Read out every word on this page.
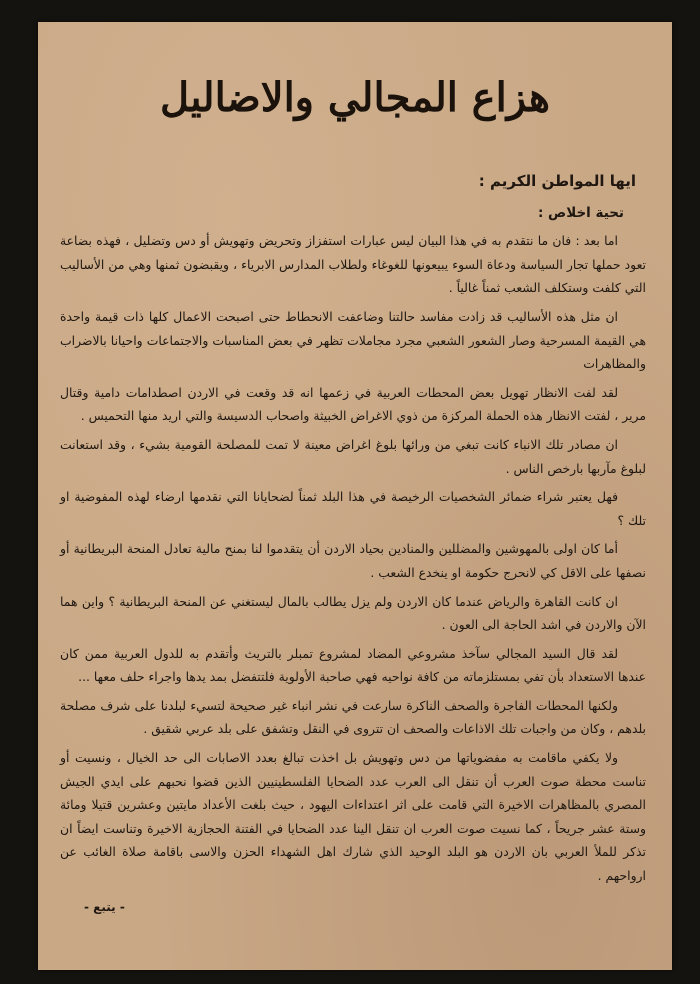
هزاع المجالي والاضاليل
ايها المواطن الكريم :
تحية اخلاص :

اما بعد : فان ما نتقدم به في هذا البيان ليس عبارات استفزاز وتحريض وتهويش أو دس وتضليل ، فهذه بضاعة تعود حملها تجار السياسة ودعاة السوء يبيعونها للغوغاء ولطلاب المدارس الابرياء ، ويقبضون ثمنها وهي من الأساليب التي كلفت وستكلف الشعب ثمناً غالياً .

ان مثل هذه الأساليب قد زادت مفاسد حالتنا وضاعفت الانحطاط حتى اصبحت الاعمال كلها ذات قيمة واحدة هي القيمة المسرحية وصار الشعور الشعبي مجرد مجاملات تظهر في بعض المناسبات والاجتماعات واحيانا بالاضراب والمظاهرات

لقد لفت الانظار تهويل بعض المحطات العربية في زعمها انه قد وقعت في الاردن اصطدامات دامية وقتال مرير ، لفتت الانظار هذه الحملة المركزة من ذوي الاغراض الخبيثة واصحاب الدسيسة والتي اريد منها التحميس .

ان مصادر تلك الانباء كانت تبغي من ورائها بلوغ اغراض معينة لا تمت للمصلحة القومية بشيء ، وقد استعانت لبلوغ مآربها بارخص الناس .

فهل يعتبر شراء ضمائر الشخصيات الرخيصة في هذا البلد ثمناً لضحايانا التي نقدمها ارضاء لهذه المفوضية او تلك ؟

أما كان اولى بالمهوشين والمضللين والمنادين بحياد الاردن أن يتقدموا لنا بمنح مالية تعادل المنحة البريطانية أو نصفها على الاقل كي لانحرج حكومة او ينخدع الشعب .

ان كانت القاهرة والرياض عندما كان الاردن ولم يزل يطالب بالمال ليستغني عن المنحة البريطانية ؟ واين هما الآن والاردن في اشد الحاجة الى العون .

لقد قال السيد المجالي سآخذ مشروعي المضاد لمشروع تمبلر بالتريث وأتقدم به للدول العربية ممن كان عندها الاستعداد بأن تفي بمستلزماته من كافة نواحيه فهي صاحبة الأولوية فلتتفضل بمد يدها واجراء حلف معها ...

ولكنها المحطات الفاجرة والصحف الناكرة سارعت في نشر انباء غير صحيحة لتسيء لبلدنا على شرف مصلحة بلدهم ، وكان من واجبات تلك الاذاعات والصحف ان تتروى في النقل وتشفق على بلد عربي شقيق .

ولا يكفي ماقامت به مفضوياتها من دس وتهويش بل اخذت تبالغ بعدد الاصابات الى حد الخيال ، ونسيت أو تناست محطة صوت العرب أن تنقل الى العرب عدد الضحايا الفلسطينيين الذين قضوا نحبهم على ايدي الجيش المصري بالمظاهرات الاخيرة التي قامت على اثر اعتداءات اليهود ، حيث بلغت الأعداد مايتين وعشرين قتيلا ومائة وستة عشر جريحاً ، كما نسيت صوت العرب ان تنقل الينا عدد الضحايا في الفتنة الحجازية الاخيرة وتناست ايضاً ان تذكر للملأ العربي بان الاردن هو البلد الوحيد الذي شارك اهل الشهداء الحزن والاسى باقامة صلاة الغائب عن ارواحهم .

- يتبع -
